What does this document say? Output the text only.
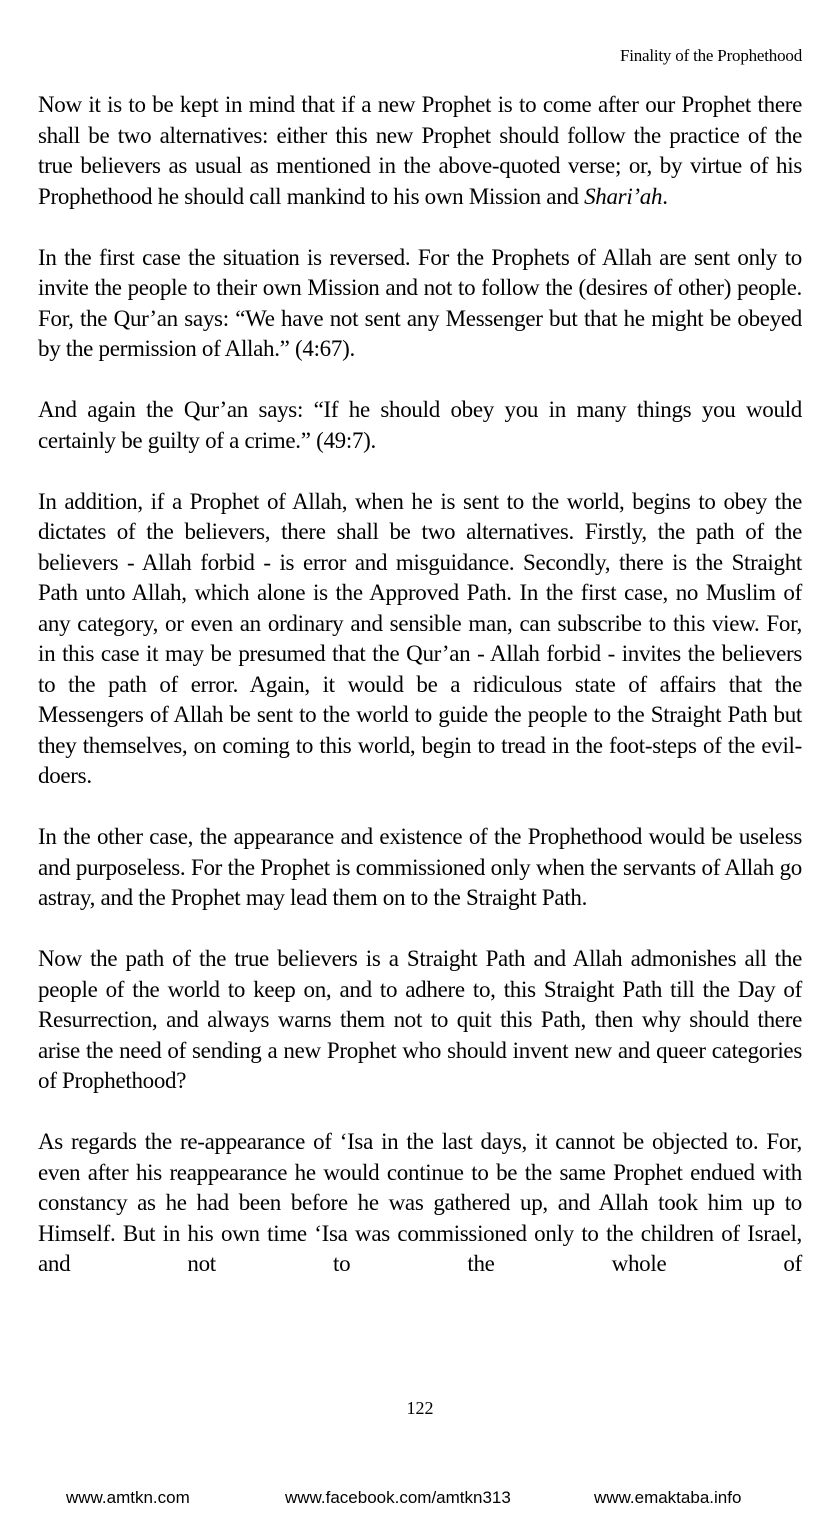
Finality of the Prophethood

Now it is to be kept in mind that if a new Prophet is to come after our Prophet there shall be two alternatives: either this new Prophet should follow the practice of the true believers as usual as mentioned in the above-quoted verse; or, by virtue of his Prophethood he should call mankind to his own Mission and Shari’ah.

In the first case the situation is reversed. For the Prophets of Allah are sent only to invite the people to their own Mission and not to follow the (desires of other) people. For, the Qur’an says: “We have not sent any Messenger but that he might be obeyed by the permission of Allah.” (4:67).

And again the Qur’an says: “If he should obey you in many things you would certainly be guilty of a crime.” (49:7).

In addition, if a Prophet of Allah, when he is sent to the world, begins to obey the dictates of the believers, there shall be two alternatives. Firstly, the path of the believers - Allah forbid - is error and misguidance. Secondly, there is the Straight Path unto Allah, which alone is the Approved Path. In the first case, no Muslim of any category, or even an ordinary and sensible man, can subscribe to this view. For, in this case it may be presumed that the Qur’an - Allah forbid - invites the believers to the path of error. Again, it would be a ridiculous state of affairs that the Messengers of Allah be sent to the world to guide the people to the Straight Path but they themselves, on coming to this world, begin to tread in the foot-steps of the evil-doers.

In the other case, the appearance and existence of the Prophethood would be useless and purposeless. For the Prophet is commissioned only when the servants of Allah go astray, and the Prophet may lead them on to the Straight Path.

Now the path of the true believers is a Straight Path and Allah admonishes all the people of the world to keep on, and to adhere to, this Straight Path till the Day of Resurrection, and always warns them not to quit this Path, then why should there arise the need of sending a new Prophet who should invent new and queer categories of Prophethood?

As regards the re-appearance of ‘Isa in the last days, it cannot be objected to. For, even after his reappearance he would continue to be the same Prophet endued with constancy as he had been before he was gathered up, and Allah took him up to Himself. But in his own time ‘Isa was commissioned only to the children of Israel, and not to the whole of

122
www.amtkn.com	www.facebook.com/amtkn313	www.emaktaba.info
